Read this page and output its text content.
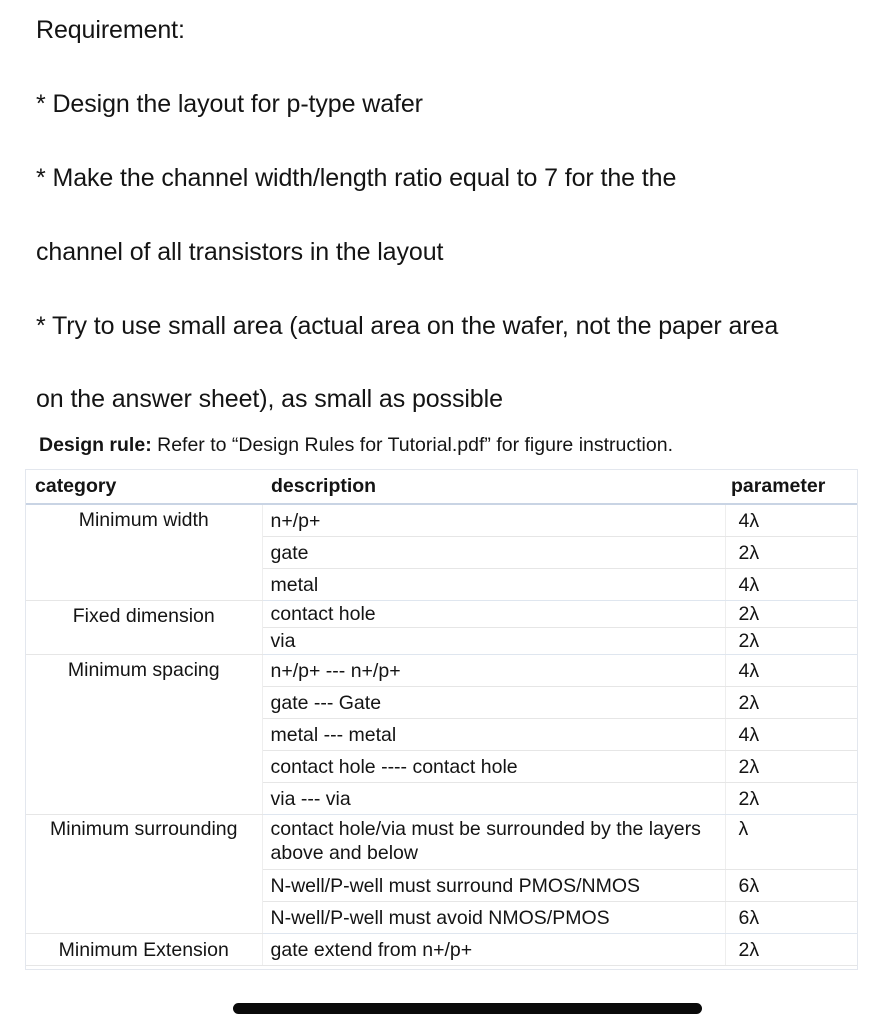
Requirement:
* Design the layout for p-type wafer
* Make the channel width/length ratio equal to 7 for the the
channel of all transistors in the layout
* Try to use small area (actual area on the wafer, not the paper area
on the answer sheet), as small as possible
Design rule: Refer to “Design Rules for Tutorial.pdf” for figure instruction.
category	description	parameter
Minimum width	n+/p+	4λ
	gate	2λ
	metal	4λ
Fixed dimension	contact hole	2λ
	via	2λ
Minimum spacing	n+/p+ --- n+/p+	4λ
	gate --- Gate	2λ
	metal --- metal	4λ
	contact hole ---- contact hole	2λ
	via --- via	2λ
Minimum surrounding	contact hole/via must be surrounded by the layers above and below	λ
	N-well/P-well must surround PMOS/NMOS	6λ
	N-well/P-well must avoid NMOS/PMOS	6λ
Minimum Extension	gate extend from n+/p+	2λ
